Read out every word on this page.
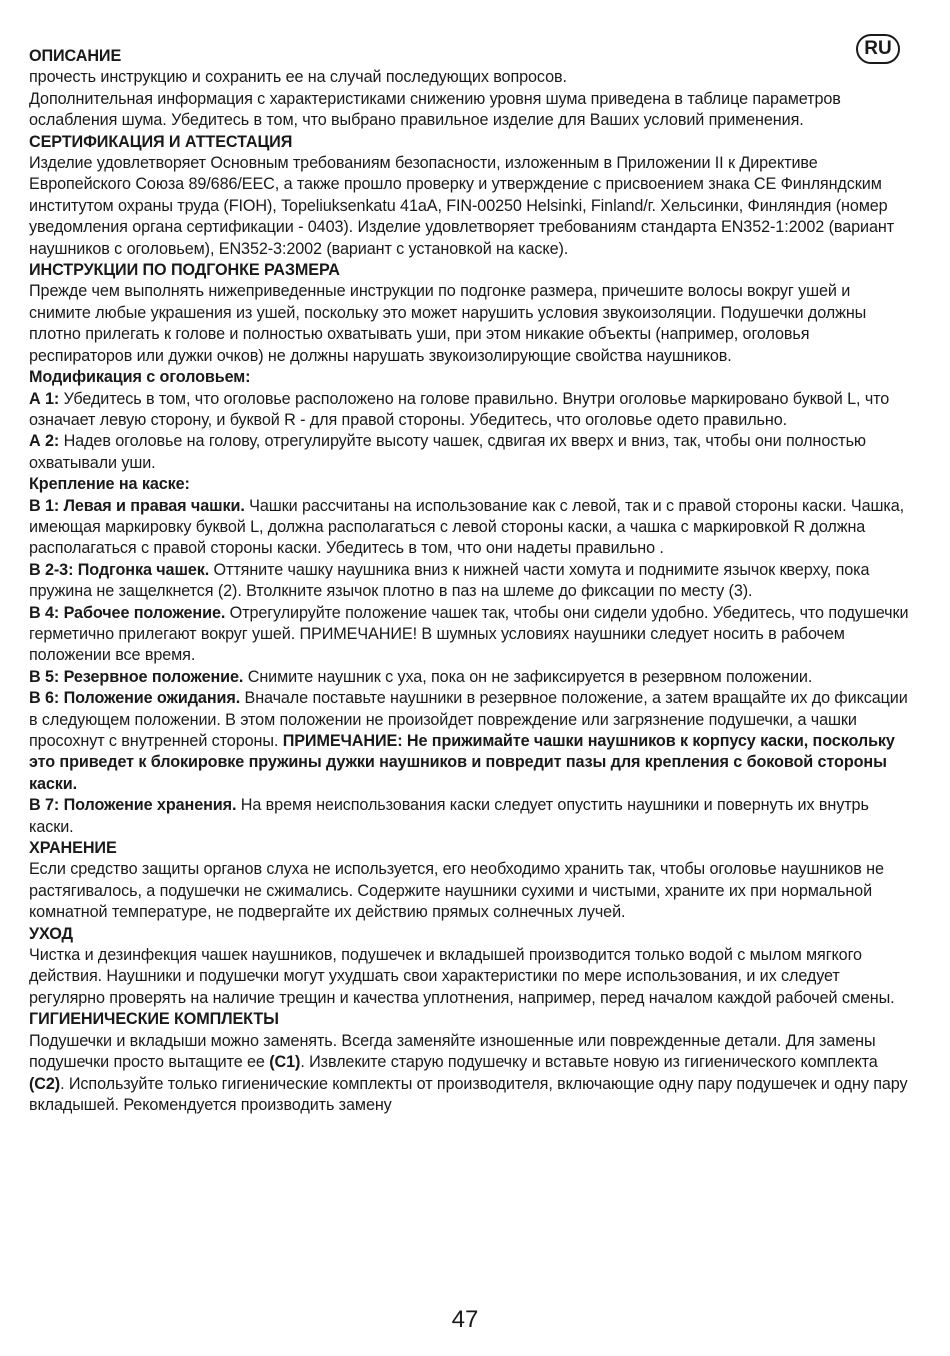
RU
ОПИСАНИЕ
прочесть инструкцию и сохранить ее на случай последующих вопросов.
Дополнительная информация с характеристиками снижению уровня шума приведена в таблице параметров ослабления шума. Убедитесь в том, что выбрано правильное изделие для Ваших условий применения.
СЕРТИФИКАЦИЯ И АТТЕСТАЦИЯ
Изделие удовлетворяет Основным требованиям безопасности, изложенным в Приложении II к Директиве Европейского Союза 89/686/EEC, а также прошло проверку и утверждение с присвоением знака CE Финляндским институтом охраны труда (FIOH), Topeliuksenkatu 41aA, FIN-00250 Helsinki, Finland/г. Хельсинки, Финляндия (номер уведомления органа сертификации - 0403). Изделие удовлетворяет требованиям стандарта EN352-1:2002 (вариант наушников с оголовьем), EN352-3:2002 (вариант с установкой на каске).
ИНСТРУКЦИИ ПО ПОДГОНКЕ РАЗМЕРА
Прежде чем выполнять нижеприведенные инструкции по подгонке размера, причешите волосы вокруг ушей и снимите любые украшения из ушей, поскольку это может нарушить условия звукоизоляции. Подушечки должны плотно прилегать к голове и полностью охватывать уши, при этом никакие объекты (например, оголовья респираторов или дужки очков) не должны нарушать звукоизолирующие свойства наушников.
Модификация с оголовьем:
А 1: Убедитесь в том, что оголовье расположено на голове правильно. Внутри оголовье маркировано буквой L, что означает левую сторону, и буквой R - для правой стороны. Убедитесь, что оголовье одето правильно.
А 2: Надев оголовье на голову, отрегулируйте высоту чашек, сдвигая их вверх и вниз, так, чтобы они полностью охватывали уши.
Крепление на каске:
В 1: Левая и правая чашки. Чашки рассчитаны на использование как с левой, так и с правой стороны каски. Чашка, имеющая маркировку буквой L, должна располагаться с левой стороны каски, а чашка с маркировкой R должна располагаться с правой стороны каски. Убедитесь в том, что они надеты правильно .
В 2-3: Подгонка чашек. Оттяните чашку наушника вниз к нижней части хомута и поднимите язычок кверху, пока пружина не защелкнется (2). Втолкните язычок плотно в паз на шлеме до фиксации по месту (3).
В 4: Рабочее положение. Отрегулируйте положение чашек так, чтобы они сидели удобно. Убедитесь, что подушечки герметично прилегают вокруг ушей. ПРИМЕЧАНИЕ! В шумных условиях наушники следует носить в рабочем положении все время.
В 5: Резервное положение. Снимите наушник с уха, пока он не зафиксируется в резервном положении.
В 6: Положение ожидания. Вначале поставьте наушники в резервное положение, а затем вращайте их до фиксации в следующем положении. В этом положении не произойдет повреждение или загрязнение подушечки, а чашки просохнут с внутренней стороны. ПРИМЕЧАНИЕ: Не прижимайте чашки наушников к корпусу каски, поскольку это приведет к блокировке пружины дужки наушников и повредит пазы для крепления с боковой стороны каски.
В 7: Положение хранения. На время неиспользования каски следует опустить наушники и повернуть их внутрь каски.
ХРАНЕНИЕ
Если средство защиты органов слуха не используется, его необходимо хранить так, чтобы оголовье наушников не растягивалось, а подушечки не сжимались. Содержите наушники сухими и чистыми, храните их при нормальной комнатной температуре, не подвергайте их действию прямых солнечных лучей.
УХОД
Чистка и дезинфекция чашек наушников, подушечек и вкладышей производится только водой с мылом мягкого действия. Наушники и подушечки могут ухудшать свои характеристики по мере использования, и их следует регулярно проверять на наличие трещин и качества уплотнения, например, перед началом каждой рабочей смены.
ГИГИЕНИЧЕСКИЕ КОМПЛЕКТЫ
Подушечки и вкладыши можно заменять. Всегда заменяйте изношенные или поврежденные детали. Для замены подушечки просто вытащите ее (C1). Извлеките старую подушечку и вставьте новую из гигиенического комплекта (C2). Используйте только гигиенические комплекты от производителя, включающие одну пару подушечек и одну пару вкладышей. Рекомендуется производить замену
47
